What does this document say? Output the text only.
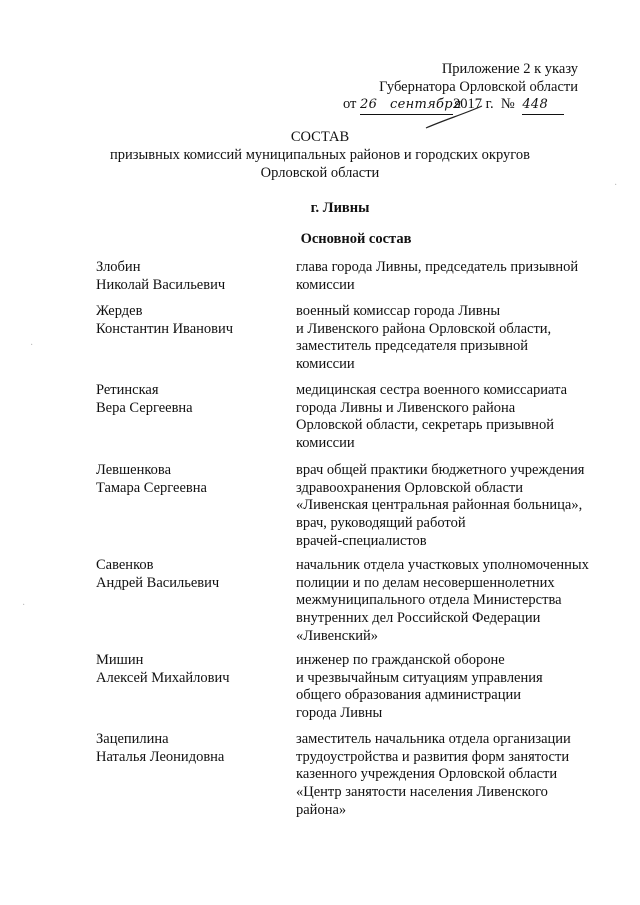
Приложение 2 к указу
Губернатора Орловской области
от 26 сентября2017 г. № 448
СОСТАВ
призывных комиссий муниципальных районов и городских округов
Орловской области
г. Ливны
Основной состав
Злобин
Николай Васильевич
глава города Ливны, председатель призывной
комиссии
Жердев
Константин Иванович
военный комиссар города Ливны
и Ливенского района Орловской области,
заместитель председателя призывной
комиссии
Ретинская
Вера Сергеевна
медицинская сестра военного комиссариата
города Ливны и Ливенского района
Орловской области, секретарь призывной
комиссии
Левшенкова
Тамара Сергеевна
врач общей практики бюджетного учреждения
здравоохранения Орловской области
«Ливенская центральная районная больница»,
врач, руководящий работой
врачей-специалистов
Савенков
Андрей Васильевич
начальник отдела участковых уполномоченных
полиции и по делам несовершеннолетних
межмуниципального отдела Министерства
внутренних дел Российской Федерации
«Ливенский»
Мишин
Алексей Михайлович
инженер по гражданской обороне
и чрезвычайным ситуациям управления
общего образования администрации
города Ливны
Зацепилина
Наталья Леонидовна
заместитель начальника отдела организации
трудоустройства и развития форм занятости
казенного учреждения Орловской области
«Центр занятости населения Ливенского
района»
·
·
·
